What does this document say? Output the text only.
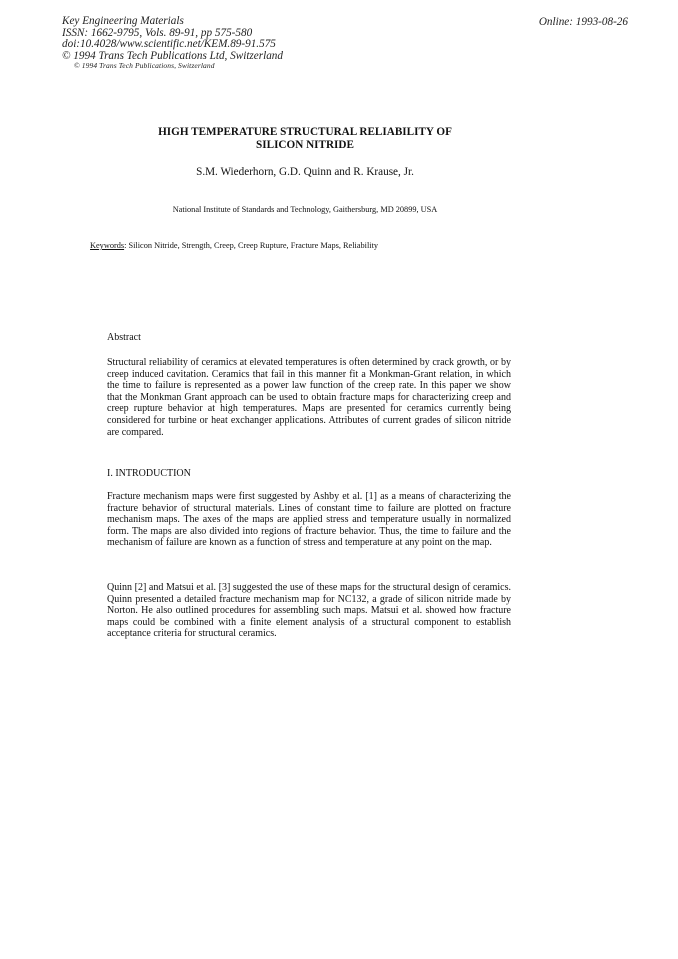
Key Engineering Materials
ISSN: 1662-9795, Vols. 89-91, pp 575-580
doi:10.4028/www.scientific.net/KEM.89-91.575
© 1994 Trans Tech Publications Ltd, Switzerland
© 1994 Trans Tech Publications, Switzerland
Online: 1993-08-26
HIGH TEMPERATURE STRUCTURAL RELIABILITY OF
SILICON NITRIDE
S.M. Wiederhorn, G.D. Quinn and R. Krause, Jr.
National Institute of Standards and Technology, Gaithersburg, MD 20899, USA
Keywords: Silicon Nitride, Strength, Creep, Creep Rupture, Fracture Maps, Reliability
Abstract
Structural reliability of ceramics at elevated temperatures is often determined by crack growth, or by creep induced cavitation. Ceramics that fail in this manner fit a Monkman-Grant relation, in which the time to failure is represented as a power law function of the creep rate. In this paper we show that the Monkman Grant approach can be used to obtain fracture maps for characterizing creep and creep rupture behavior at high temperatures. Maps are presented for ceramics currently being considered for turbine or heat exchanger applications. Attributes of current grades of silicon nitride are compared.
I. INTRODUCTION
Fracture mechanism maps were first suggested by Ashby et al. [1] as a means of characterizing the fracture behavior of structural materials. Lines of constant time to failure are plotted on fracture mechanism maps. The axes of the maps are applied stress and temperature usually in normalized form. The maps are also divided into regions of fracture behavior. Thus, the time to failure and the mechanism of failure are known as a function of stress and temperature at any point on the map.
Quinn [2] and Matsui et al. [3] suggested the use of these maps for the structural design of ceramics. Quinn presented a detailed fracture mechanism map for NC132, a grade of silicon nitride made by Norton. He also outlined procedures for assembling such maps. Matsui et al. showed how fracture maps could be combined with a finite element analysis of a structural component to establish acceptance criteria for structural ceramics.
